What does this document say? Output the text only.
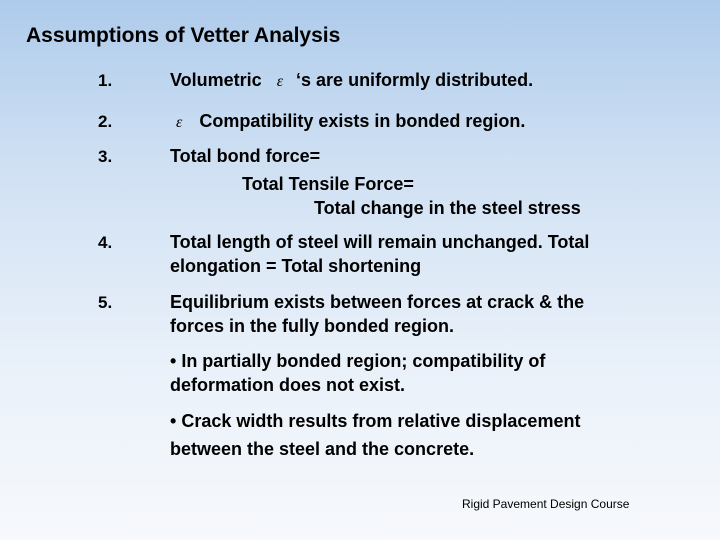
Assumptions of Vetter Analysis
1.	Volumetric ε ‘s are uniformly distributed.
2.	ε Compatibility exists in bonded region.
3.	Total bond force=
Total Tensile Force=
Total change in the steel stress
4.	Total length of steel will remain unchanged. Total
elongation = Total shortening
5.	Equilibrium exists between forces at crack & the
forces in the fully bonded region.
• In partially bonded region; compatibility of
deformation does not exist.
• Crack width results from relative displacement
between the steel and the concrete.
Rigid Pavement Design Course
